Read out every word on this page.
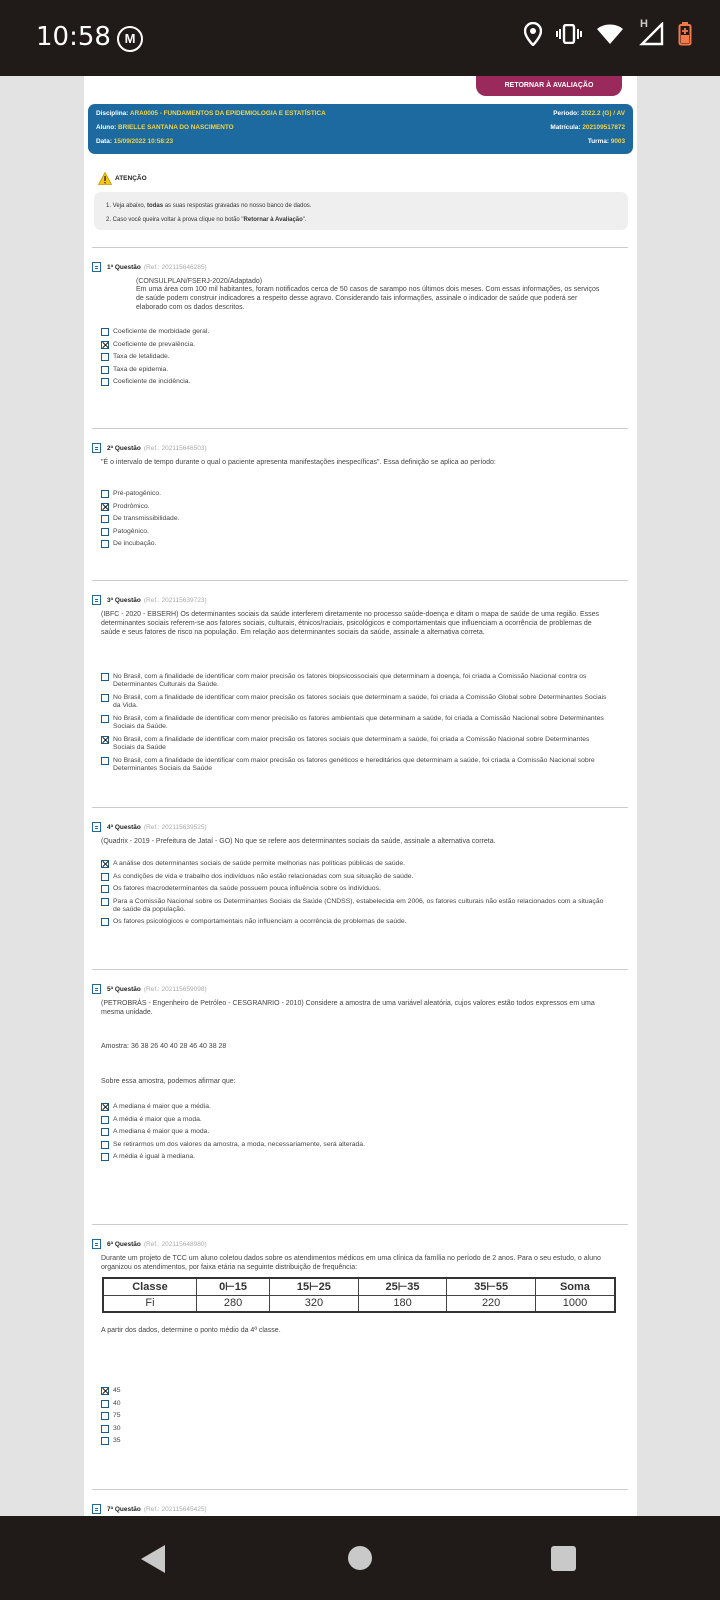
10:58	M
H
RETORNAR À AVALIAÇÃO
Disciplina: ARA0005 - FUNDAMENTOS DA EPIDEMIOLOGIA E ESTATÍSTICA	Período: 2022.2 (G) / AV
Aluno: BRIELLE SANTANA DO NASCIMENTO	Matrícula: 202109517872
Data: 15/09/2022 10:58:23	Turma: 9003
ATENÇÃO
1. Veja abaixo, todas as suas respostas gravadas no nosso banco de dados.
2. Caso você queira voltar à prova clique no botão "Retornar à Avaliação".
1ª Questão (Ref.: 202115646285)
(CONSULPLAN/FSERJ-2020/Adaptado)
Em uma área com 100 mil habitantes, foram notificados cerca de 50 casos de sarampo nos últimos dois meses. Com essas informações, os serviços de saúde podem construir indicadores a respeito desse agravo. Considerando tais informações, assinale o indicador de saúde que poderá ser elaborado com os dados descritos.
Coeficiente de morbidade geral.
Coeficiente de prevalência.
Taxa de letalidade.
Taxa de epidemia.
Coeficiente de incidência.
2ª Questão (Ref.: 202115646503)
"É o intervalo de tempo durante o qual o paciente apresenta manifestações inespecíficas". Essa definição se aplica ao período:
Pré-patogênico.
Prodrômico.
De transmissibilidade.
Patogênico.
De incubação.
3ª Questão (Ref.: 202115639723)
(IBFC - 2020 - EBSERH) Os determinantes sociais da saúde interferem diretamente no processo saúde-doença e ditam o mapa de saúde de uma região. Esses determinantes sociais referem-se aos fatores sociais, culturais, étnicos/raciais, psicológicos e comportamentais que influenciam a ocorrência de problemas de saúde e seus fatores de risco na população. Em relação aos determinantes sociais da saúde, assinale a alternativa correta.
No Brasil, com a finalidade de identificar com maior precisão os fatores biopsicossociais que determinam a doença, foi criada a Comissão Nacional contra os Determinantes Culturais da Saúde.
No Brasil, com a finalidade de identificar com maior precisão os fatores sociais que determinam a saúde, foi criada a Comissão Global sobre Determinantes Sociais da Vida.
No Brasil, com a finalidade de identificar com menor precisão os fatores ambientais que determinam a saúde, foi criada a Comissão Nacional sobre Determinantes Sociais da Saúde.
No Brasil, com a finalidade de identificar com maior precisão os fatores sociais que determinam a saúde, foi criada a Comissão Nacional sobre Determinantes Sociais da Saúde
No Brasil, com a finalidade de identificar com maior precisão os fatores genéticos e hereditários que determinam a saúde, foi criada a Comissão Nacional sobre Determinantes Sociais da Saúde
4ª Questão (Ref.: 202115639525)
(Quadrix - 2019 - Prefeitura de Jataí - GO) No que se refere aos determinantes sociais da saúde, assinale a alternativa correta.
A análise dos determinantes sociais de saúde permite melhorias nas políticas públicas de saúde.
As condições de vida e trabalho dos indivíduos não estão relacionadas com sua situação de saúde.
Os fatores macrodeterminantes da saúde possuem pouca influência sobre os indivíduos.
Para a Comissão Nacional sobre os Determinantes Sociais da Saúde (CNDSS), estabelecida em 2006, os fatores culturais não estão relacionados com a situação de saúde da população.
Os fatores psicológicos e comportamentais não influenciam a ocorrência de problemas de saúde.
5ª Questão (Ref.: 202115659098)
(PETROBRÁS - Engenheiro de Petróleo - CESGRANRIO - 2010) Considere a amostra de uma variável aleatória, cujos valores estão todos expressos em uma mesma unidade.
Amostra: 36 38 26 40 40 28 46 40 38 28
Sobre essa amostra, podemos afirmar que:
A mediana é maior que a média.
A média é maior que a moda.
A mediana é maior que a moda.
Se retirarmos um dos valores da amostra, a moda, necessariamente, será alterada.
A média é igual à mediana.
6ª Questão (Ref.: 202115648980)
Durante um projeto de TCC um aluno coletou dados sobre os atendimentos médicos em uma clínica da família no período de 2 anos. Para o seu estudo, o aluno organizou os atendimentos, por faixa etária na seguinte distribuição de frequência:
Classe	0⊢15	15⊢25	25⊢35	35⊢55	Soma
Fi	280	320	180	220	1000
A partir dos dados, determine o ponto médio da 4ª classe.
45
40
75
30
35
7ª Questão (Ref.: 202115645425)
